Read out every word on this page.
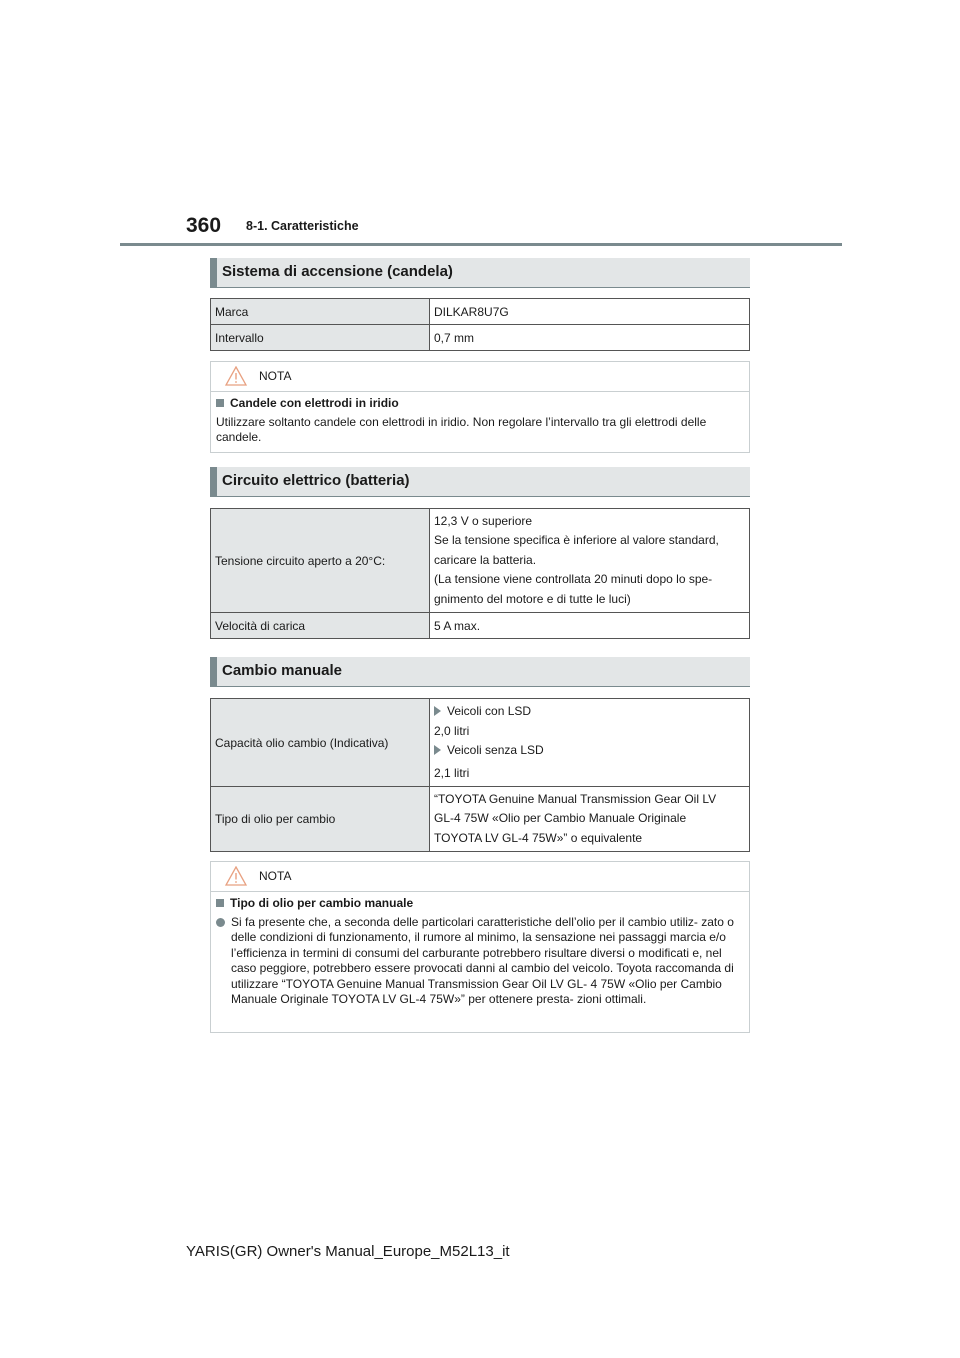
360 8-1. Caratteristiche
Sistema di accensione (candela)
Marca	DILKAR8U7G
Intervallo	0,7 mm
NOTA
Candele con elettrodi in iridio
Utilizzare soltanto candele con elettrodi in iridio. Non regolare l’intervallo tra gli elettrodi delle candele.
Circuito elettrico (batteria)
Tensione circuito aperto a 20°C:	12,3 V o superiore

Se la tensione specifica è inferiore al valore standard,

caricare la batteria.

(La tensione viene controllata 20 minuti dopo lo spe-

gnimento del motore e di tutte le luci)

Velocità di carica	5 A max.
Cambio manuale
Capacità olio cambio (Indicativa)	Veicoli con LSD

2,0 litri

Veicoli senza LSD

2,1 litri

Tipo di olio per cambio	“TOYOTA Genuine Manual Transmission Gear Oil LV

GL-4 75W «Olio per Cambio Manuale Originale

TOYOTA LV GL-4 75W»” o equivalente

NOTA
Tipo di olio per cambio manuale
Si fa presente che, a seconda delle particolari caratteristiche dell’olio per il cambio utiliz- zato o delle condizioni di funzionamento, il rumore al minimo, la sensazione nei passaggi marcia e/o l’efficienza in termini di consumi del carburante potrebbero risultare diversi o modificati e, nel caso peggiore, potrebbero essere provocati danni al cambio del veicolo. Toyota raccomanda di utilizzare “TOYOTA Genuine Manual Transmission Gear Oil LV GL- 4 75W «Olio per Cambio Manuale Originale TOYOTA LV GL-4 75W»” per ottenere presta- zioni ottimali.
YARIS(GR) Owner's Manual_Europe_M52L13_it
